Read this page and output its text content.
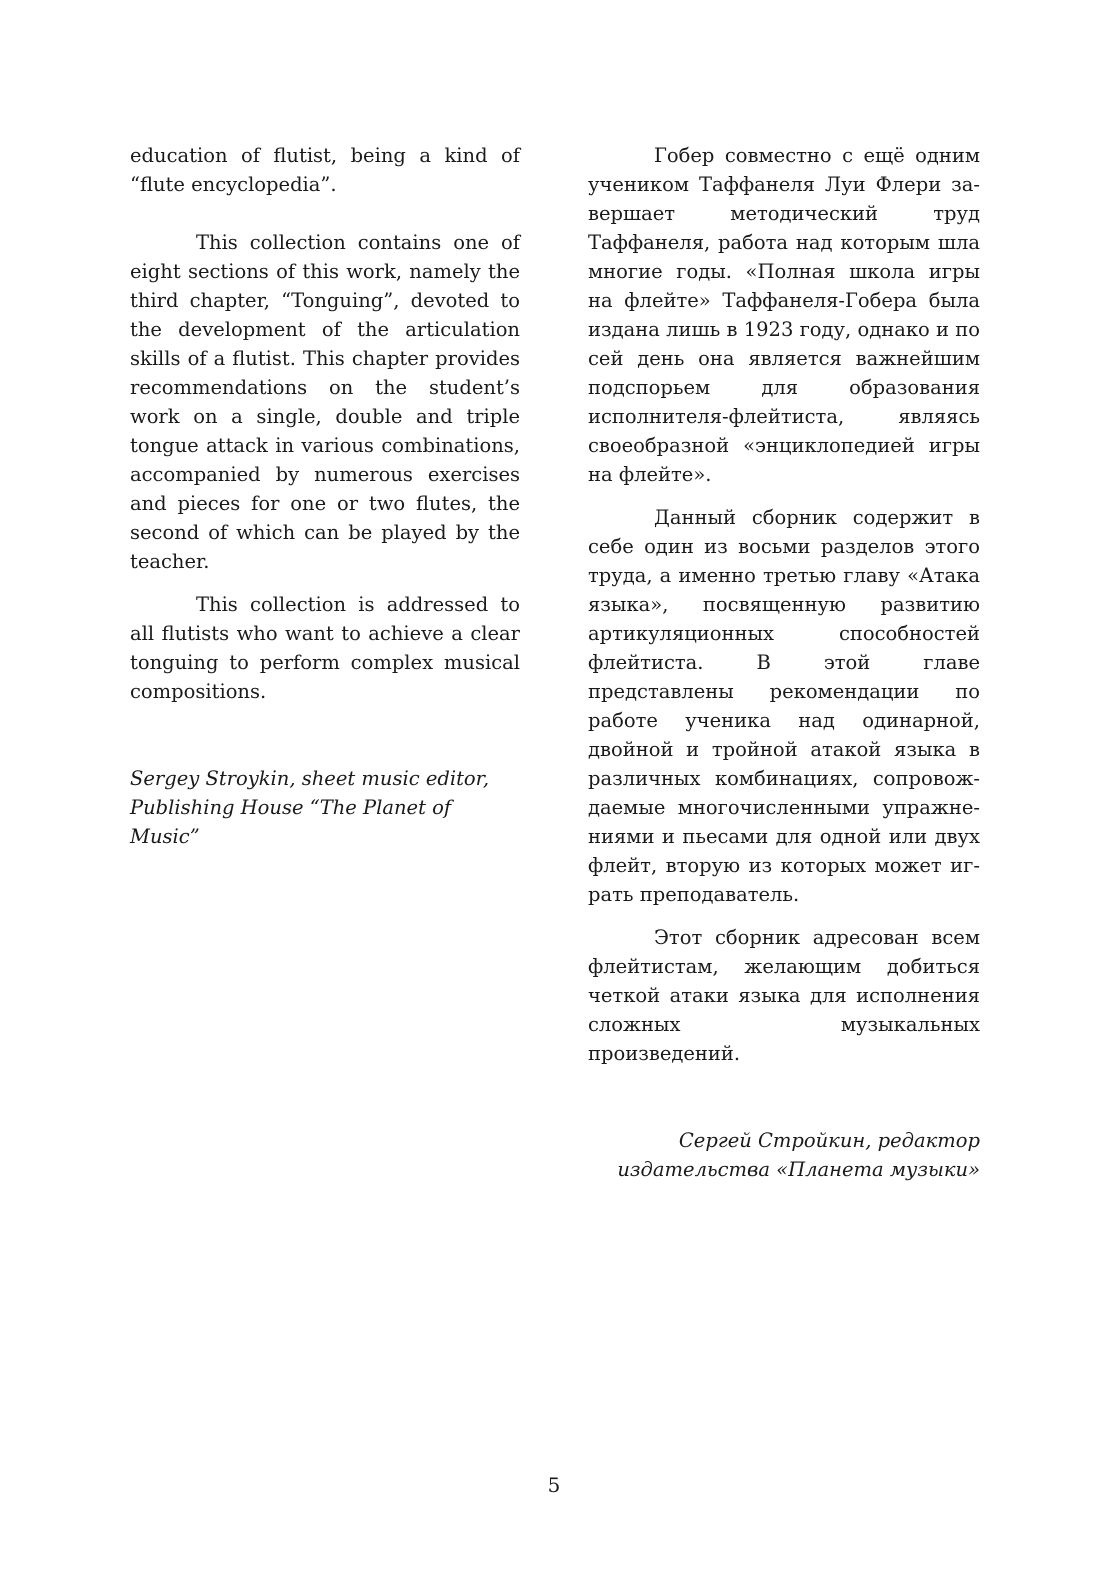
education of flutist, being a kind of “flute encyclopedia”.

This collection contains one of eight sections of this work, namely the third chapter, “Tonguing”, devoted to the development of the articulation skills of a flutist. This chapter provides recommendations on the student’s work on a single, double and triple tongue attack in various combinations, accompanied by numerous exercises and pieces for one or two flutes, the second of which can be played by the teacher.

This collection is addressed to all flutists who want to achieve a clear tonguing to perform complex musical compositions.

Sergey Stroykin, sheet music editor,
Publishing House “The Planet of Music”

Гобер совместно с ещё одним учеником Таффанеля Луи Флери завершает методический труд Таффанеля, работа над которым шла многие годы. «Полная школа игры на флейте» Таффанеля-Гобера была издана лишь в 1923 году, однако и по сей день она является важнейшим подспорьем для образования исполнителя-флейтиста, являясь своеобразной «энциклопедией игры на флейте».

Данный сборник содержит в себе один из восьми разделов этого труда, а именно третью главу «Атака языка», посвященную развитию артикуляционных способностей флейтиста. В этой главе представлены рекомендации по работе ученика над одинарной, двойной и тройной атакой языка в различных комбинациях, сопровождаемые многочисленными упражнениями и пьесами для одной или двух флейт, вторую из которых может играть преподаватель.

Этот сборник адресован всем флейтистам, желающим добиться четкой атаки языка для исполнения сложных музыкальных произведений.

Сергей Стройкин, редактор
издательства «Планета музыки»

5
